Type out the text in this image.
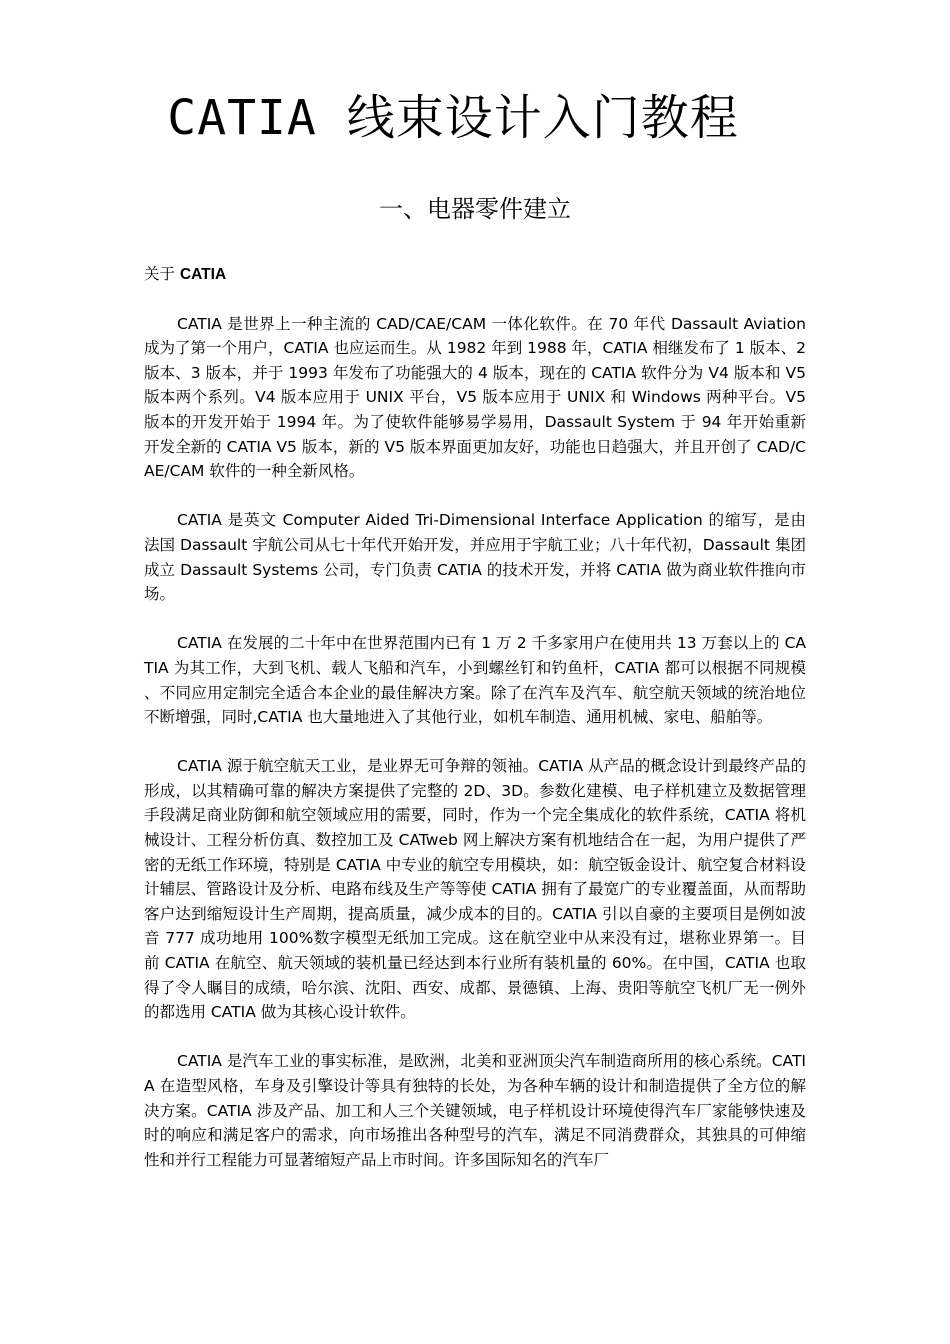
CATIA 线束设计入门教程
一、电器零件建立

关于 CATIA

CATIA 是世界上一种主流的 CAD/CAE/CAM 一体化软件。在 70 年代 Dassault Aviation 成为了第一个用户，CATIA 也应运而生。从 1982 年到 1988 年，CATIA 相继发布了 1 版本、2 版本、3 版本，并于 1993 年发布了功能强大的 4 版本，现在的 CATIA 软件分为 V4 版本和 V5 版本两个系列。V4 版本应用于 UNIX 平台，V5 版本应用于 UNIX 和 Windows 两种平台。V5 版本的开发开始于 1994 年。为了使软件能够易学易用，Dassault System 于 94 年开始重新开发全新的 CATIA V5 版本，新的 V5 版本界面更加友好，功能也日趋强大，并且开创了 CAD/CAE/CAM 软件的一种全新风格。

CATIA 是英文 Computer Aided Tri-Dimensional Interface Application 的缩写，是由法国 Dassault 宇航公司从七十年代开始开发，并应用于宇航工业；八十年代初，Dassault 集团成立 Dassault Systems 公司，专门负责 CATIA 的技术开发，并将 CATIA 做为商业软件推向市场。

CATIA 在发展的二十年中在世界范围内已有 1 万 2 千多家用户在使用共 13 万套以上的 CATIA 为其工作，大到飞机、载人飞船和汽车，小到螺丝钉和钓鱼杆，CATIA 都可以根据不同规模、不同应用定制完全适合本企业的最佳解决方案。除了在汽车及汽车、航空航天领域的统治地位不断增强，同时,CATIA 也大量地进入了其他行业，如机车制造、通用机械、家电、船舶等。

CATIA 源于航空航天工业，是业界无可争辩的领袖。CATIA 从产品的概念设计到最终产品的形成，以其精确可靠的解决方案提供了完整的 2D、3D。参数化建模、电子样机建立及数据管理手段满足商业防御和航空领域应用的需要，同时，作为一个完全集成化的软件系统，CATIA 将机械设计、工程分析仿真、数控加工及 CATweb 网上解决方案有机地结合在一起，为用户提供了严密的无纸工作环境，特别是 CATIA 中专业的航空专用模块，如：航空钣金设计、航空复合材料设计辅层、管路设计及分析、电路布线及生产等等使 CATIA 拥有了最宽广的专业覆盖面，从而帮助客户达到缩短设计生产周期，提高质量，减少成本的目的。CATIA 引以自豪的主要项目是例如波音 777 成功地用 100%数字模型无纸加工完成。这在航空业中从来没有过，堪称业界第一。目前 CATIA 在航空、航天领域的装机量已经达到本行业所有装机量的 60%。在中国，CATIA 也取得了令人瞩目的成绩，哈尔滨、沈阳、西安、成都、景德镇、上海、贵阳等航空飞机厂无一例外的都选用 CATIA 做为其核心设计软件。

CATIA 是汽车工业的事实标准，是欧洲，北美和亚洲顶尖汽车制造商所用的核心系统。CATIA 在造型风格，车身及引擎设计等具有独特的长处，为各种车辆的设计和制造提供了全方位的解决方案。CATIA 涉及产品、加工和人三个关键领域，电子样机设计环境使得汽车厂家能够快速及时的响应和满足客户的需求，向市场推出各种型号的汽车，满足不同消费群众，其独具的可伸缩性和并行工程能力可显著缩短产品上市时间。许多国际知名的汽车厂
